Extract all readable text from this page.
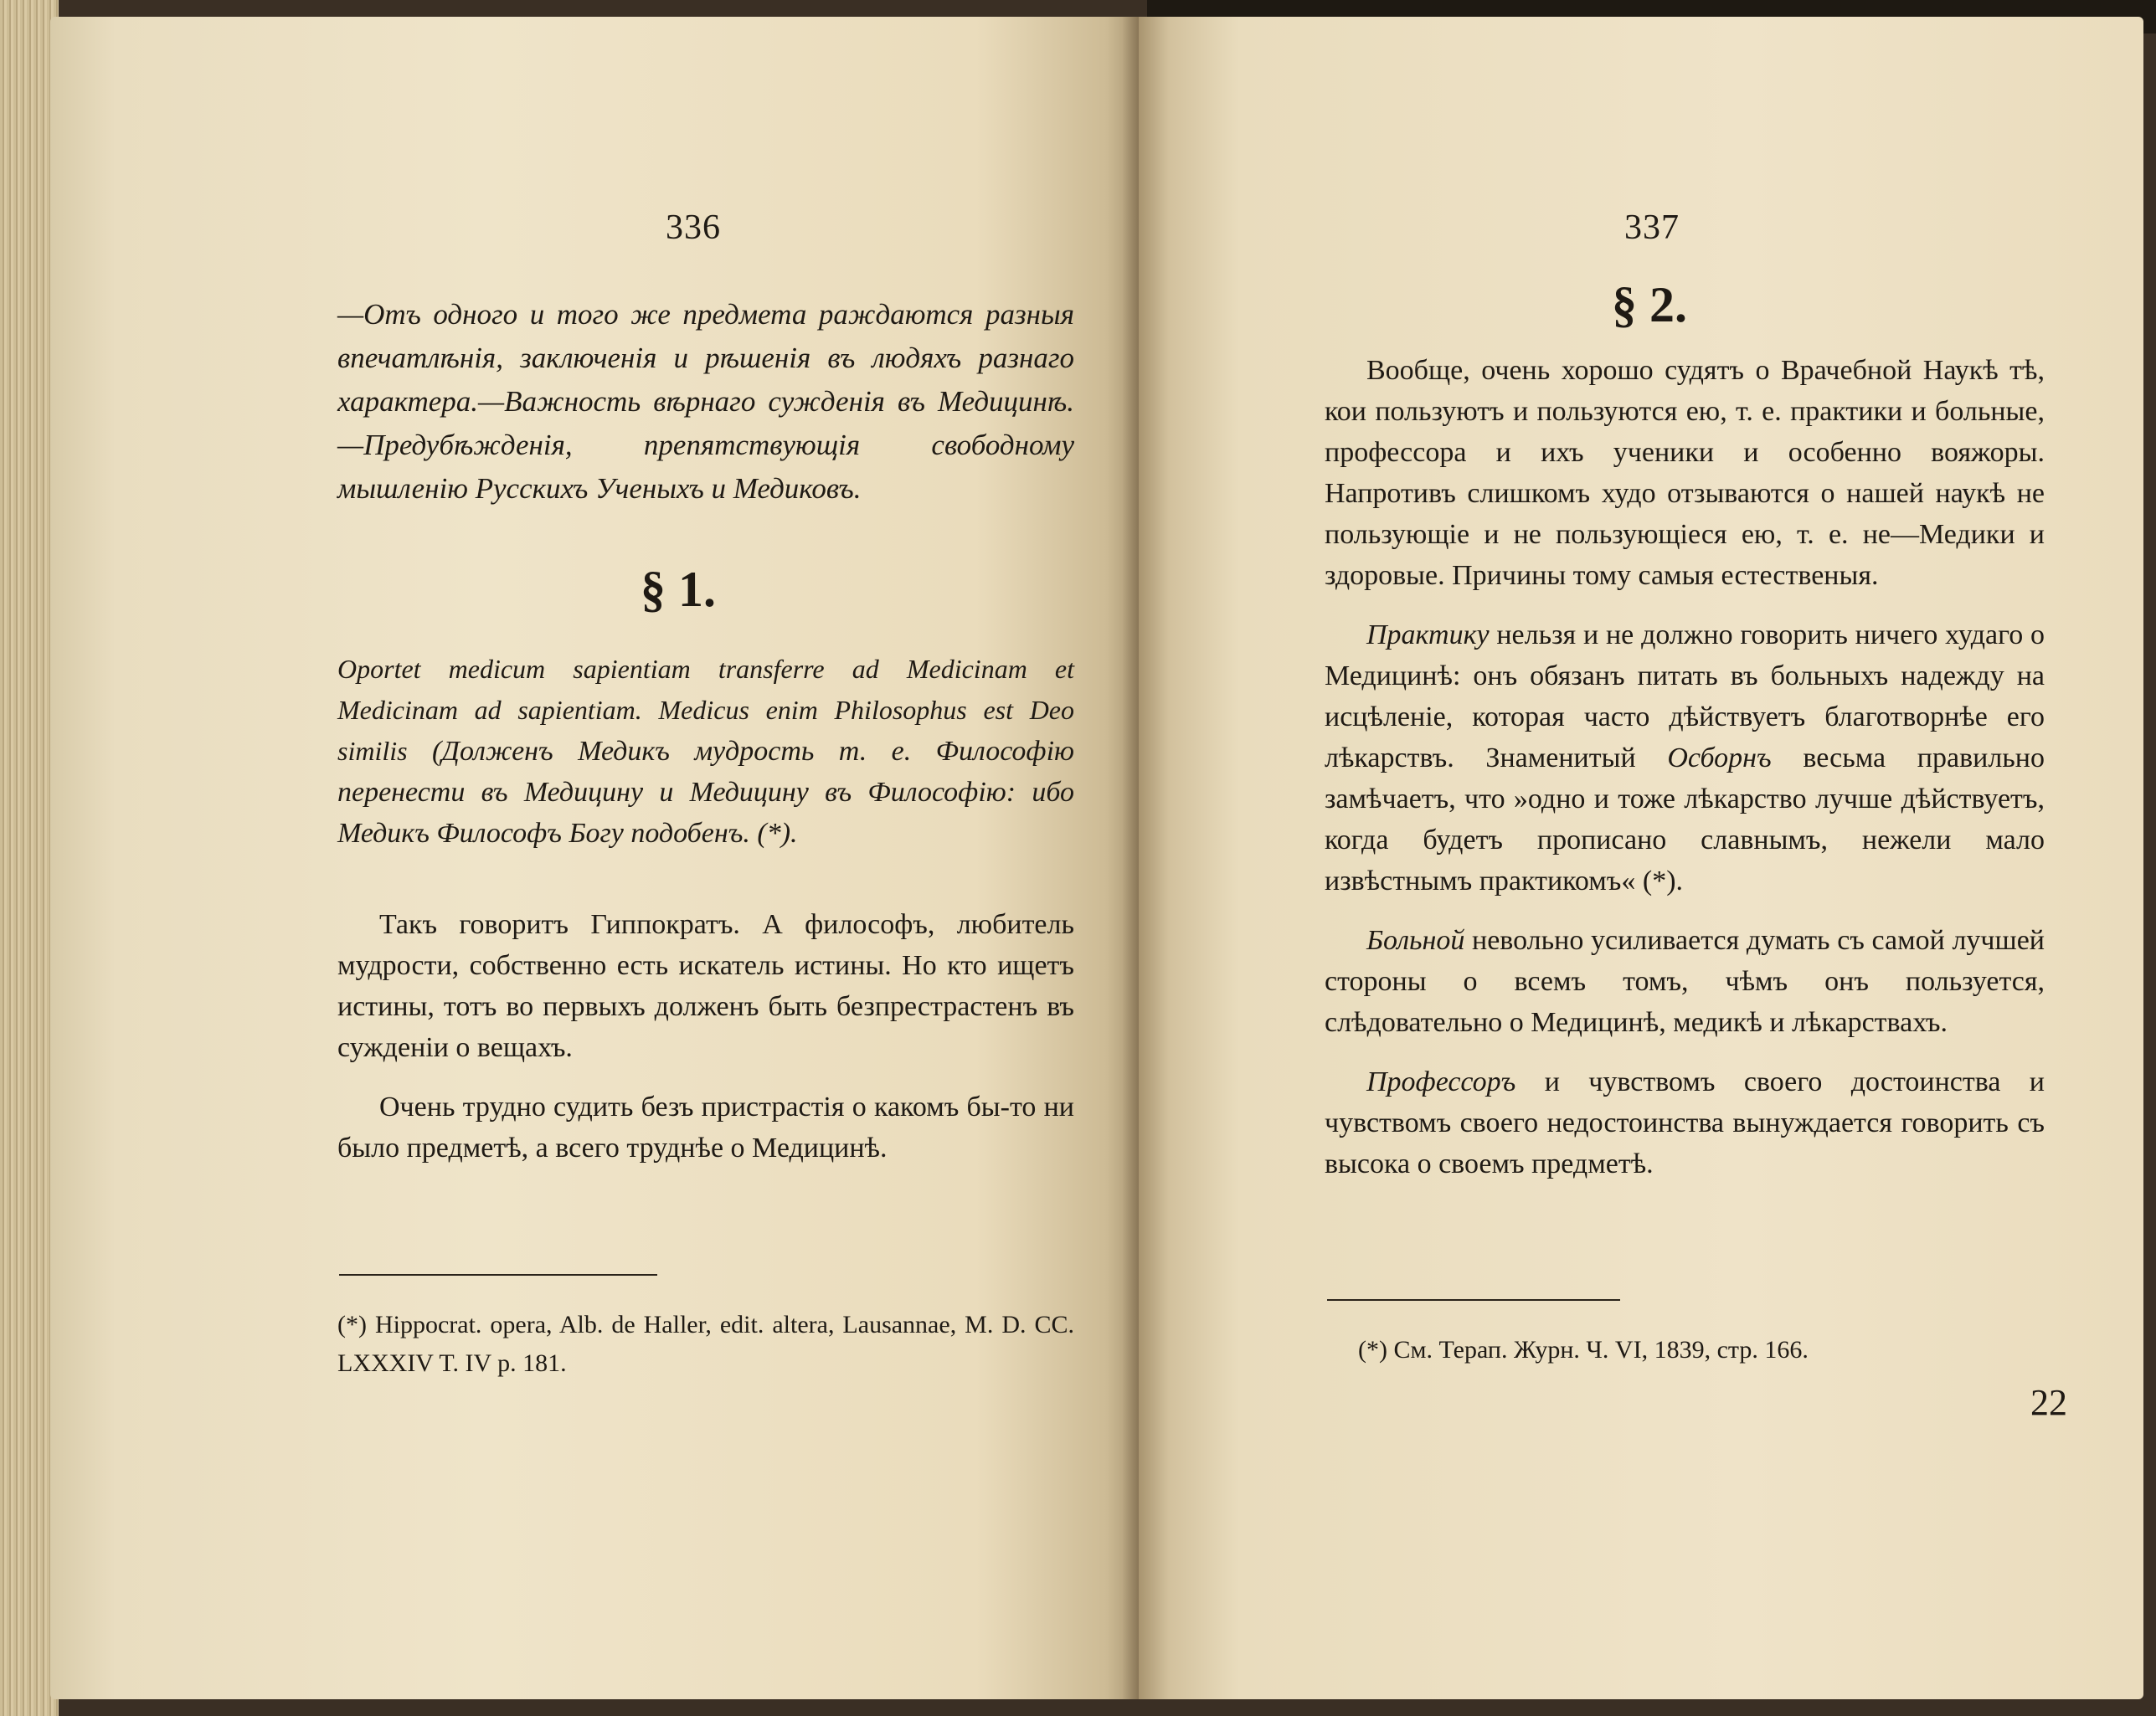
336
—Отъ одного и того же предмета раждаются разныя впечатлѣнія, заключенія и рѣшенія въ людяхъ разнаго характера.—Важность вѣрнаго сужденія въ Медицинѣ.—Предубѣжденія, препятствующія свободному мышленію Русскихъ Ученыхъ и Медиковъ.
§ 1.
Oportet medicum sapientiam transferre ad Medicinam et Medicinam ad sapientiam. Medicus enim Philosophus est Deo similis (Долженъ Медикъ мудрость т. е. Философію перенести въ Медицину и Медицину въ Философію: ибо Медикъ Философъ Богу подобенъ. (*).

Такъ говоритъ Гиппократъ. А философъ, любитель мудрости, собственно есть искатель истины. Но кто ищетъ истины, тотъ во первыхъ долженъ быть безпрестрастенъ въ сужденіи о вещахъ.

Очень трудно судить безъ пристрастія о какомъ бы-то ни было предметѣ, а всего труднѣе о Медицинѣ.

(*) Hippocrat. opera, Alb. de Haller, edit. altera, Lausannae, M. D. CC. LXXXIV T. IV p. 181.
337
§ 2.

Вообще, очень хорошо судятъ о Врачебной Наукѣ тѣ, кои пользуютъ и пользуются ею, т. е. практики и больные, профессора и ихъ ученики и особенно вояжоры. Напротивъ слишкомъ худо отзываются о нашей наукѣ не пользующіе и не пользующіеся ею, т. е. не—Медики и здоровые. Причины тому самыя естественыя.

Практику нельзя и не должно говорить ничего худаго о Медицинѣ: онъ обязанъ питать въ больныхъ надежду на исцѣленіе, которая часто дѣйствуетъ благотворнѣе его лѣкарствъ. Знаменитый Осборнъ весьма правильно замѣчаетъ, что »одно и тоже лѣкарство лучше дѣйствуетъ, когда будетъ прописано славнымъ, нежели мало извѣстнымъ практикомъ« (*).

Больной невольно усиливается думать съ самой лучшей стороны о всемъ томъ, чѣмъ онъ пользуется, слѣдовательно о Медицинѣ, медикѣ и лѣкарствахъ.

Профессоръ и чувствомъ своего достоинства и чувствомъ своего недостоинства вынуждается говорить съ высока о своемъ предметѣ.

(*) См. Терап. Журн. Ч. VI, 1839, стр. 166.
22
